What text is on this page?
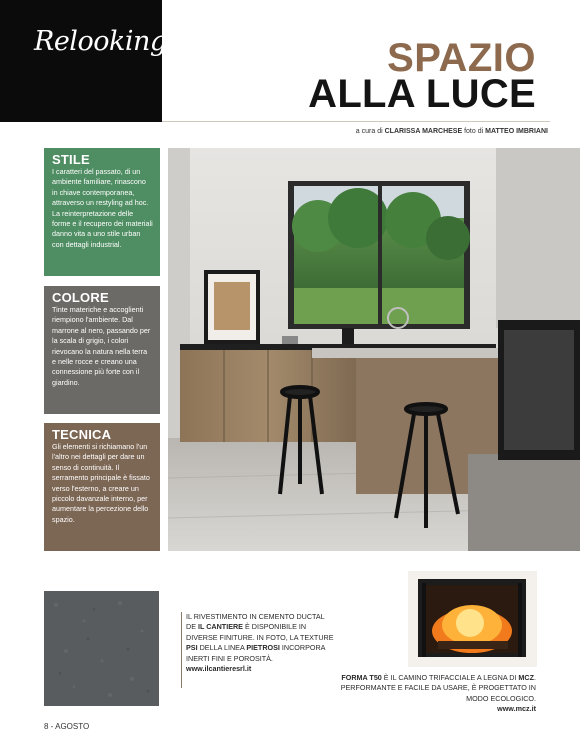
Relooking	SPAZIO
ALLA LUCE
a cura di CLARISSA MARCHESE foto di MATTEO IMBRIANI
STILE

I caratteri del passato, di un ambiente familiare, rinascono in chiave contemporanea, attraverso un restyling ad hoc. La reinterpretazione delle forme e il recupero dei materiali danno vita a uno stile urban con dettagli industrial.

COLORE

Tinte materiche e accoglienti riempiono l'ambiente. Dal marrone al nero, passando per la scala di grigio, i colori rievocano la natura nella terra e nelle rocce e creano una connessione più forte con il giardino.

TECNICA

Gli elementi si richiamano l'un l'altro nei dettagli per dare un senso di continuità. Il serramento principale è fissato verso l'esterno, a creare un piccolo davanzale interno, per aumentare la percezione dello spazio.

IL RIVESTIMENTO IN CEMENTO DUCTAL DE IL CANTIERE È DISPONIBILE IN DIVERSE FINITURE. IN FOTO, LA TEXTURE PSI DELLA LINEA PIETROSI INCORPORA INERTI FINI E POROSITÀ.
www.ilcantieresrl.it
FORMA T50 È IL CAMINO TRIFACCIALE A LEGNA DI MCZ. PERFORMANTE E FACILE DA USARE, È PROGETTATO IN MODO ECOLOGICO.
www.mcz.it
8 - AGOSTO
